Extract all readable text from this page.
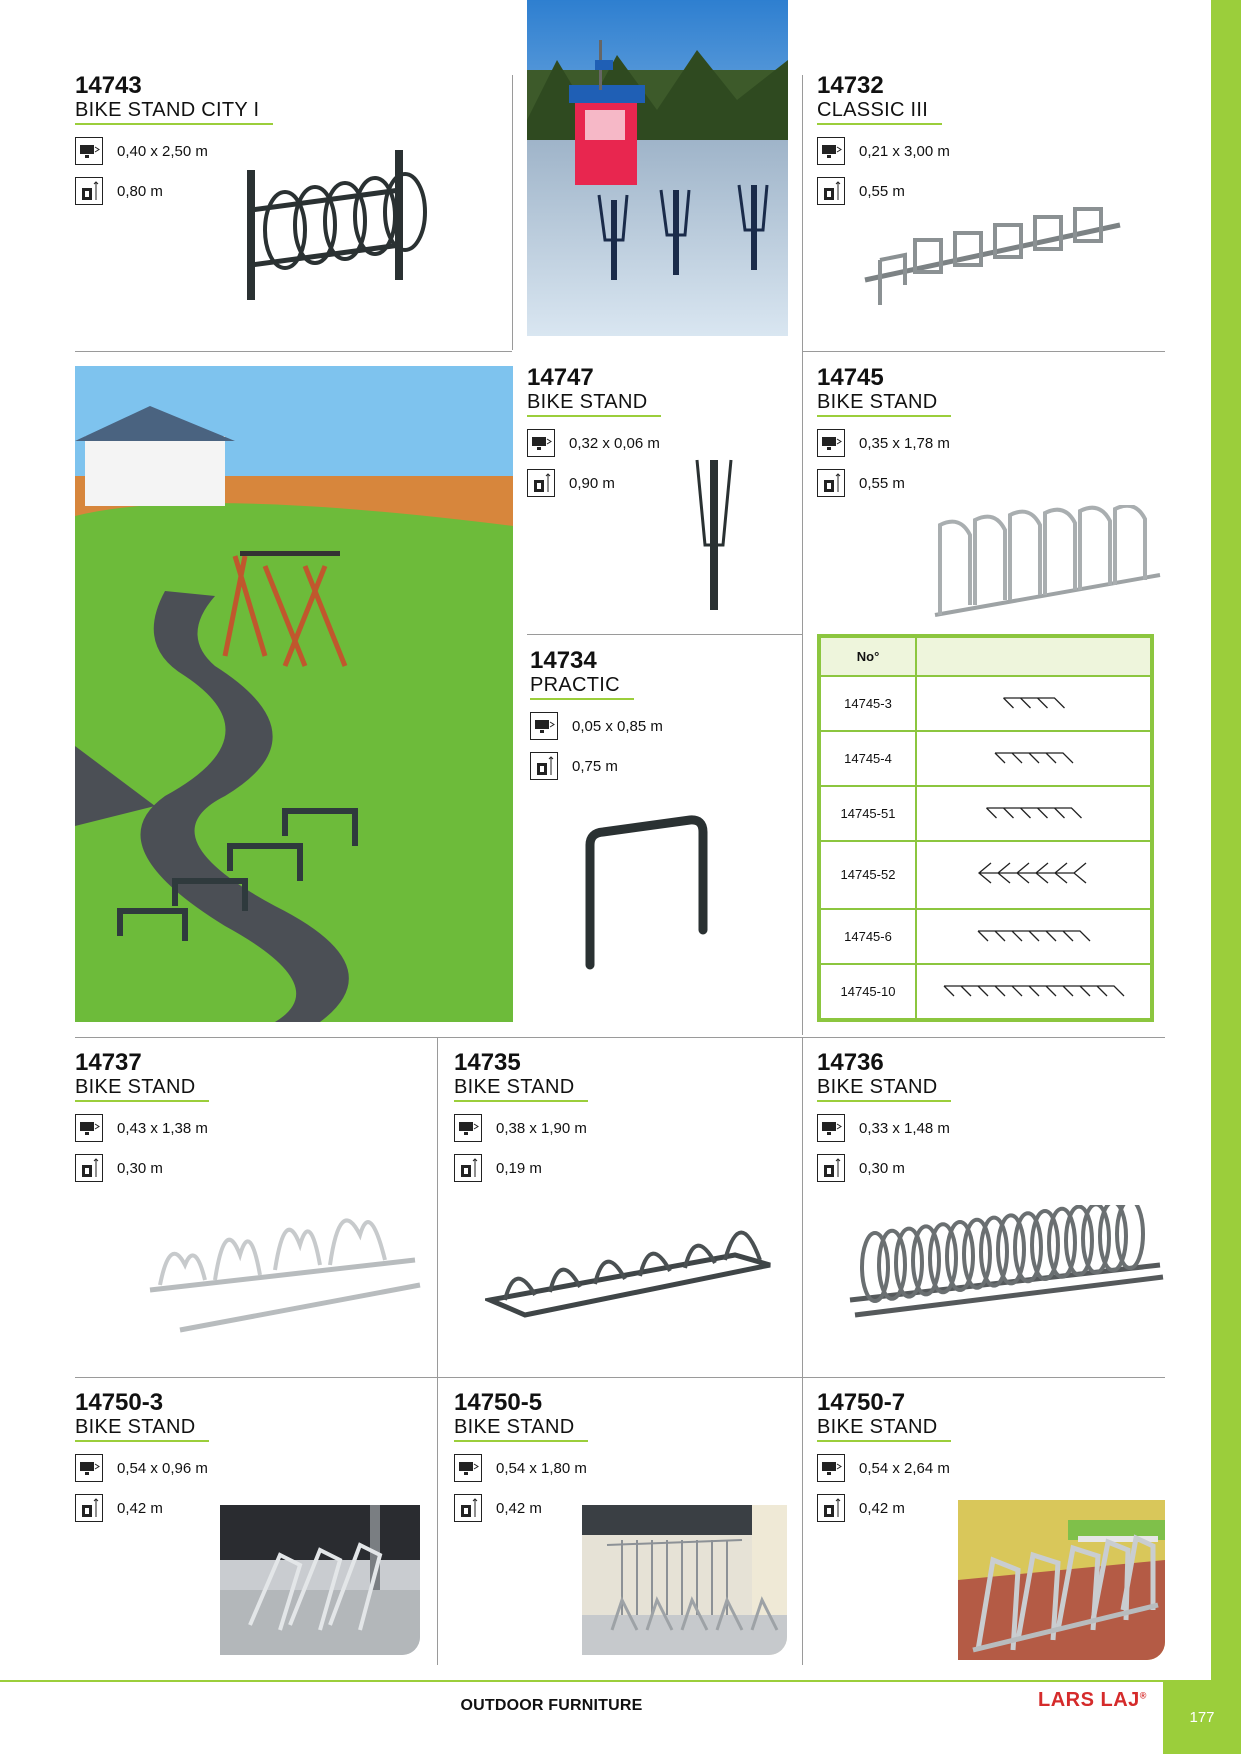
14743
BIKE STAND CITY I
0,40 x 2,50 m
0,80 m
14732
CLASSIC III
0,21 x 3,00 m
0,55 m
14747
BIKE STAND
0,32 x 0,06 m
0,90 m
14745
BIKE STAND
0,35 x 1,78 m
0,55 m
14734
PRACTIC
0,05 x 0,85 m
0,75 m
No°	
14745-3	
14745-4	
14745-51	
14745-52	
14745-6	
14745-10	
14737
BIKE STAND
0,43 x 1,38 m
0,30 m
14735
BIKE STAND
0,38 x 1,90 m
0,19 m
14736
BIKE STAND
0,33 x 1,48 m
0,30 m
14750-3
BIKE STAND
0,54 x 0,96 m
0,42 m
14750-5
BIKE STAND
0,54 x 1,80 m
0,42 m
14750-7
BIKE STAND
0,54 x 2,64 m
0,42 m
OUTDOOR FURNITURE	LARS LAJ®
177
